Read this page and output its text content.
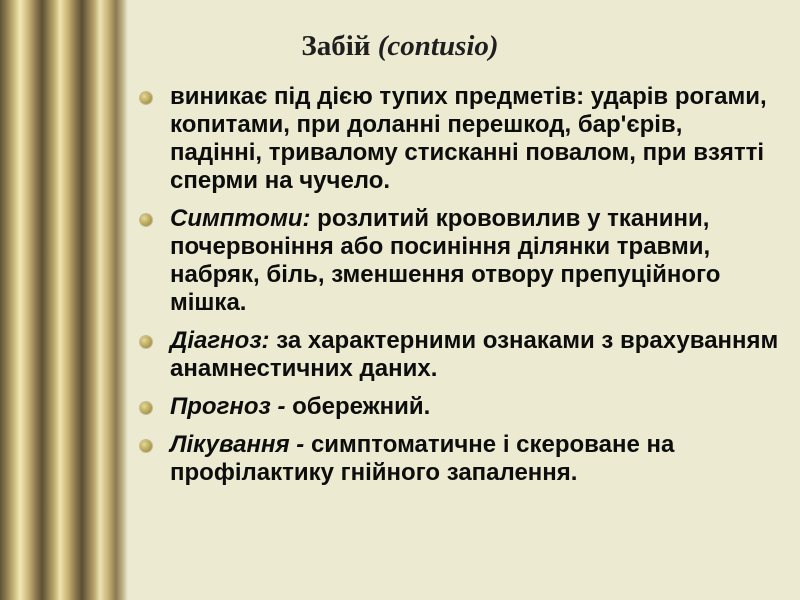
Забій (contusio)
виникає під дією тупих предметів: ударів рогами, копитами, при доланні перешкод, бар'єрів, падінні, тривалому стисканні повалом, при взятті сперми на чучело.
Симптоми: розлитий крововилив у тканини, почервоніння або посиніння ділянки травми, набряк, біль, зменшення отвору препуційного мішка.
Діагноз: за характерними ознаками з врахуванням анамнестичних даних.
Прогноз - обережний.
Лікування - симптоматичне і скероване на профілактику гнійного запалення.
